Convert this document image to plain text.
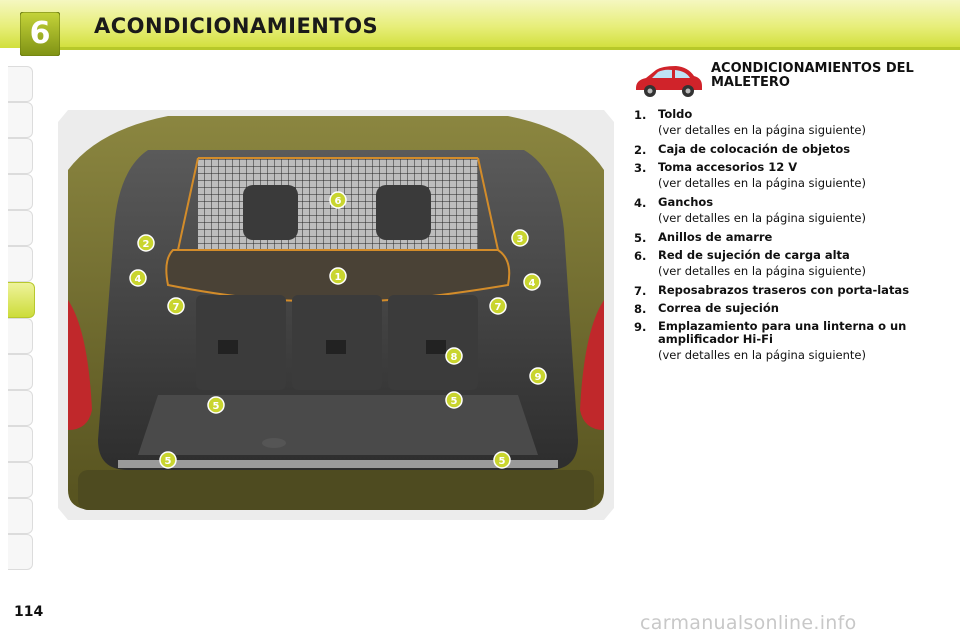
6	ACONDICIONAMIENTOS
1
2	3
4	4
5	5
5	5
6
7	7
8
9
ACONDICIONAMIENTOS DEL MALETERO
1. Toldo
(ver detalles en la página siguiente)
2. Caja de colocación de objetos
3. Toma accesorios 12 V
(ver detalles en la página siguiente)
4. Ganchos
(ver detalles en la página siguiente)
5. Anillos de amarre
6. Red de sujeción de carga alta
(ver detalles en la página siguiente)
7. Reposabrazos traseros con porta-latas
8. Correa de sujeción
9. Emplazamiento para una linterna o un amplificador Hi-Fi
(ver detalles en la página siguiente)
114	carmanualsonline.info
